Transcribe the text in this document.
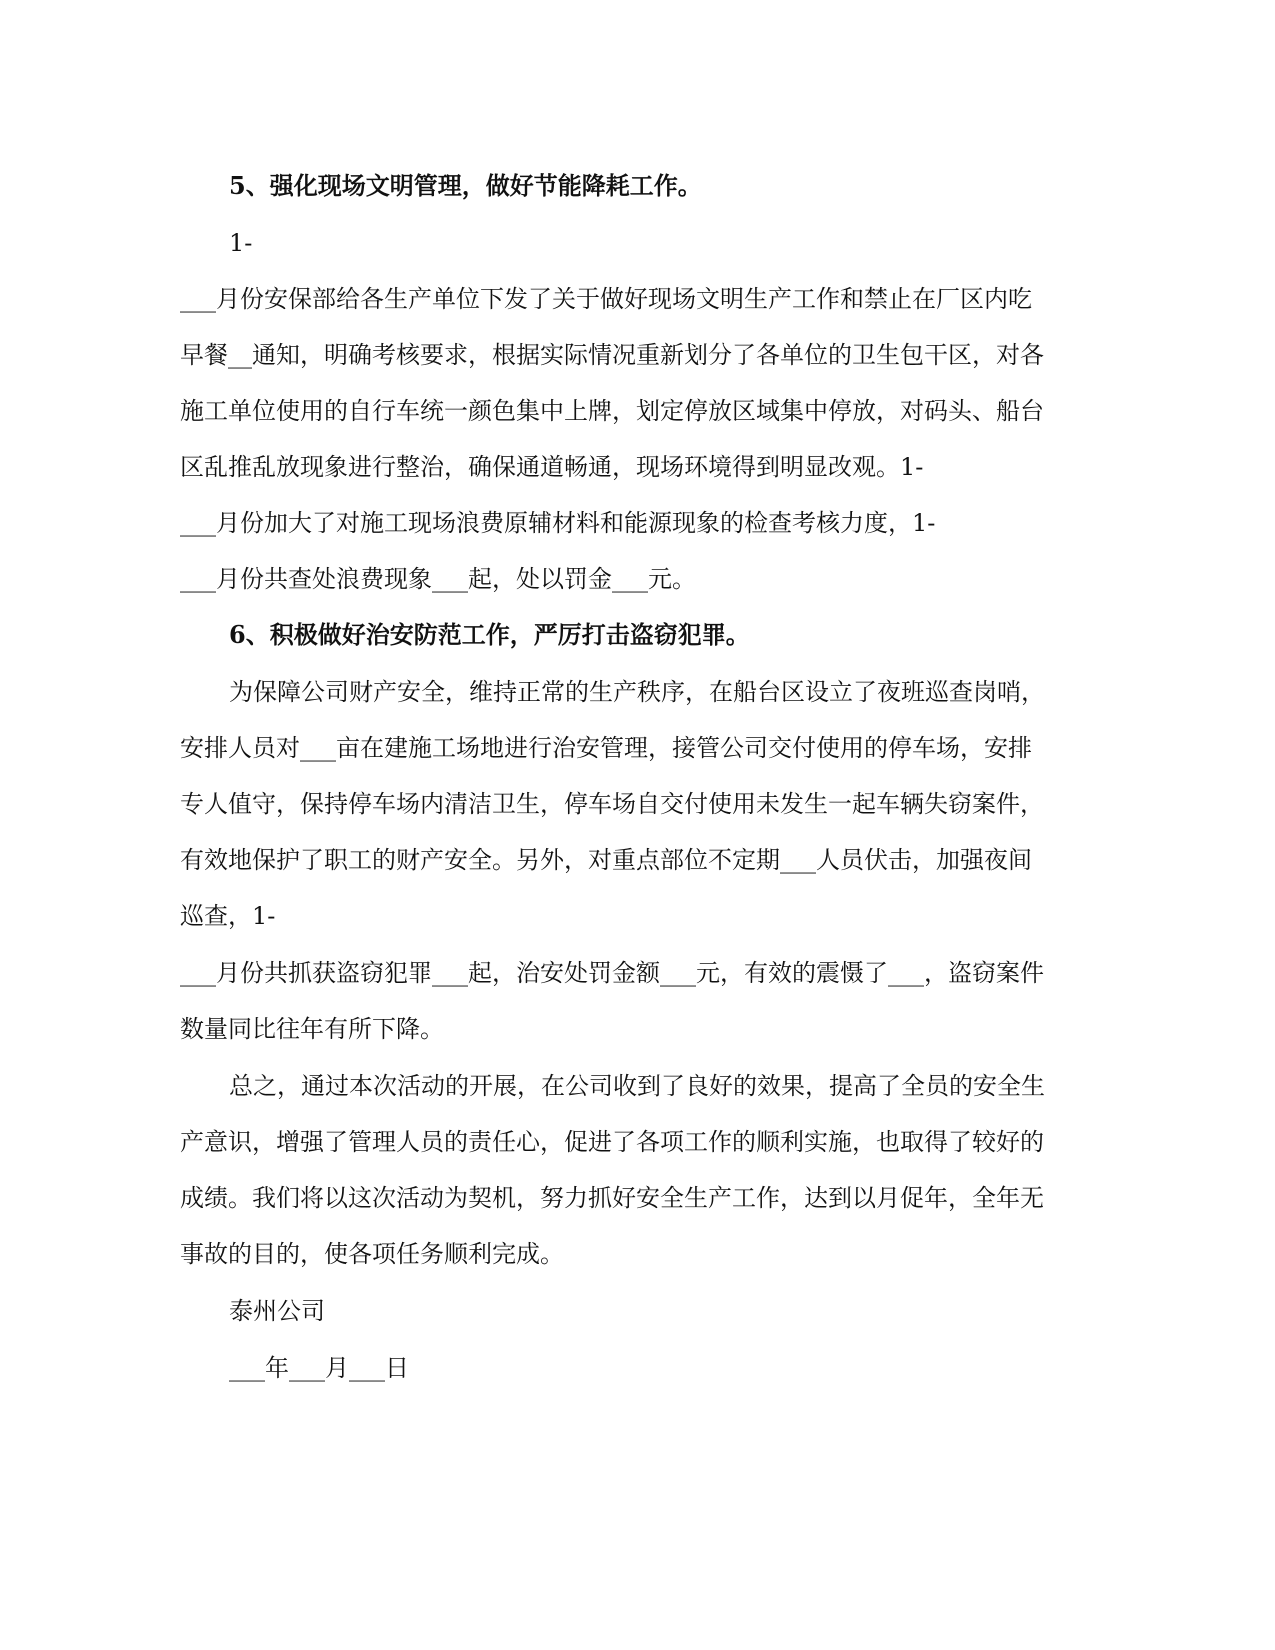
5、强化现场文明管理，做好节能降耗工作。

1-

___月份安保部给各生产单位下发了关于做好现场文明生产工作和禁止在厂区内吃

早餐__通知，明确考核要求，根据实际情况重新划分了各单位的卫生包干区，对各

施工单位使用的自行车统一颜色集中上牌，划定停放区域集中停放，对码头、船台

区乱推乱放现象进行整治，确保通道畅通，现场环境得到明显改观。1-

___月份加大了对施工现场浪费原辅材料和能源现象的检查考核力度，1-

___月份共查处浪费现象___起，处以罚金___元。

6、积极做好治安防范工作，严厉打击盗窃犯罪。

为保障公司财产安全，维持正常的生产秩序，在船台区设立了夜班巡查岗哨，

安排人员对___亩在建施工场地进行治安管理，接管公司交付使用的停车场，安排

专人值守，保持停车场内清洁卫生，停车场自交付使用未发生一起车辆失窃案件，

有效地保护了职工的财产安全。另外，对重点部位不定期___人员伏击，加强夜间

巡查，1-

___月份共抓获盗窃犯罪___起，治安处罚金额___元，有效的震慑了___，盗窃案件

数量同比往年有所下降。

总之，通过本次活动的开展，在公司收到了良好的效果，提高了全员的安全生

产意识，增强了管理人员的责任心，促进了各项工作的顺利实施，也取得了较好的

成绩。我们将以这次活动为契机，努力抓好安全生产工作，达到以月促年，全年无

事故的目的，使各项任务顺利完成。

泰州公司

___年___月___日
